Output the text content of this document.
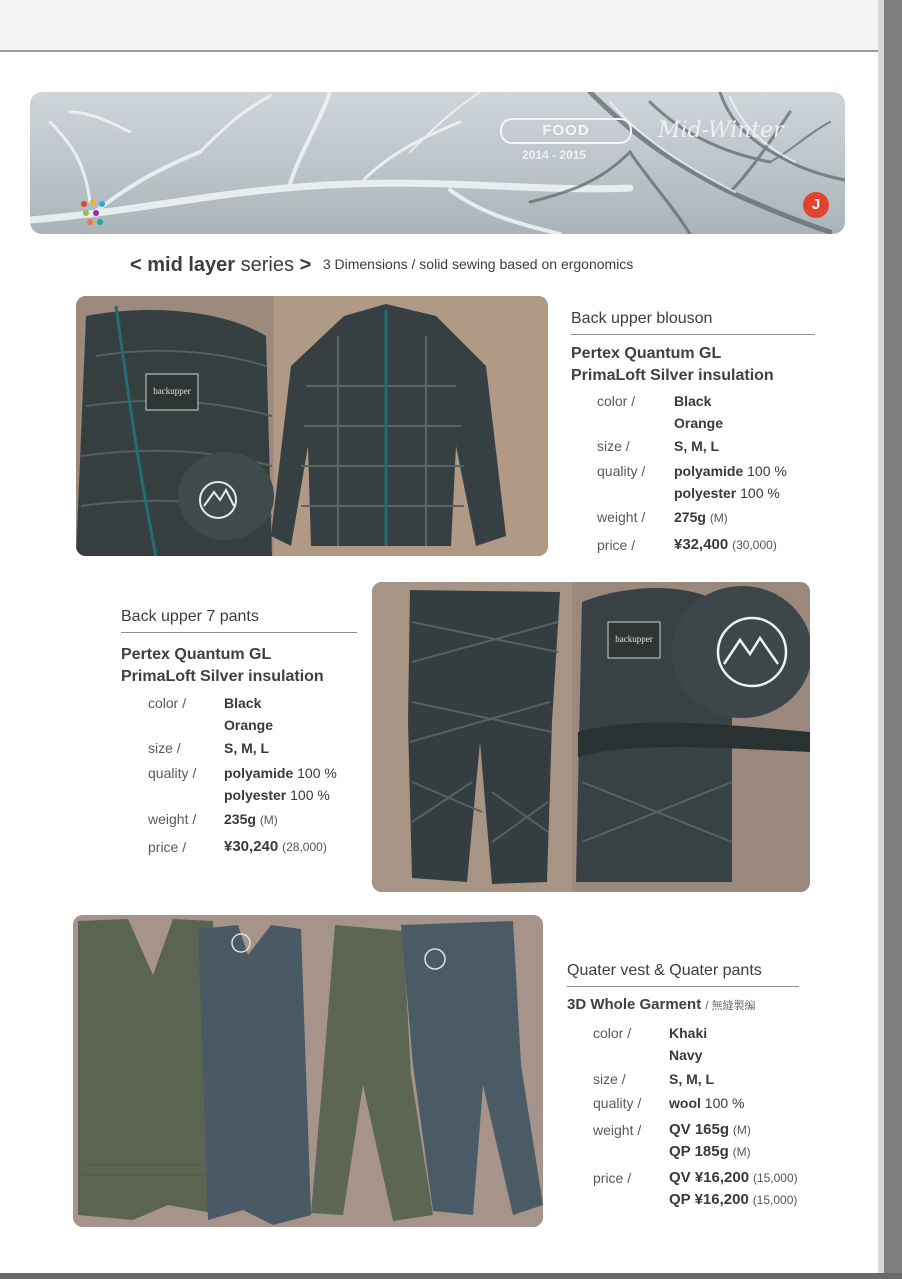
FOOD
2014 - 2015
Mid-Winter
J
< mid layer series > 3 Dimensions / solid sewing based on ergonomics
backupper
Back upper blouson
Pertex Quantum GL
PrimaLoft Silver insulation
color /	Black
Orange
size /	S, M, L
quality / polyamide 100 %
polyester 100 %
weight / 275g (M)
price /	¥32,400 (30,000)
Back upper 7 pants
Pertex Quantum GL
PrimaLoft Silver insulation
color /	Black
Orange
size /	S, M, L
quality / polyamide 100 %
polyester 100 %
weight / 235g (M)
price /	¥30,240 (28,000)
backupper
Quater vest & Quater pants
3D Whole Garment / 無縫製編
color /	Khaki
Navy
size /	S, M, L
quality / wool 100 %
weight / QV 165g (M)
QP 185g (M)
price /	QV ¥16,200 (15,000)
QP ¥16,200 (15,000)
